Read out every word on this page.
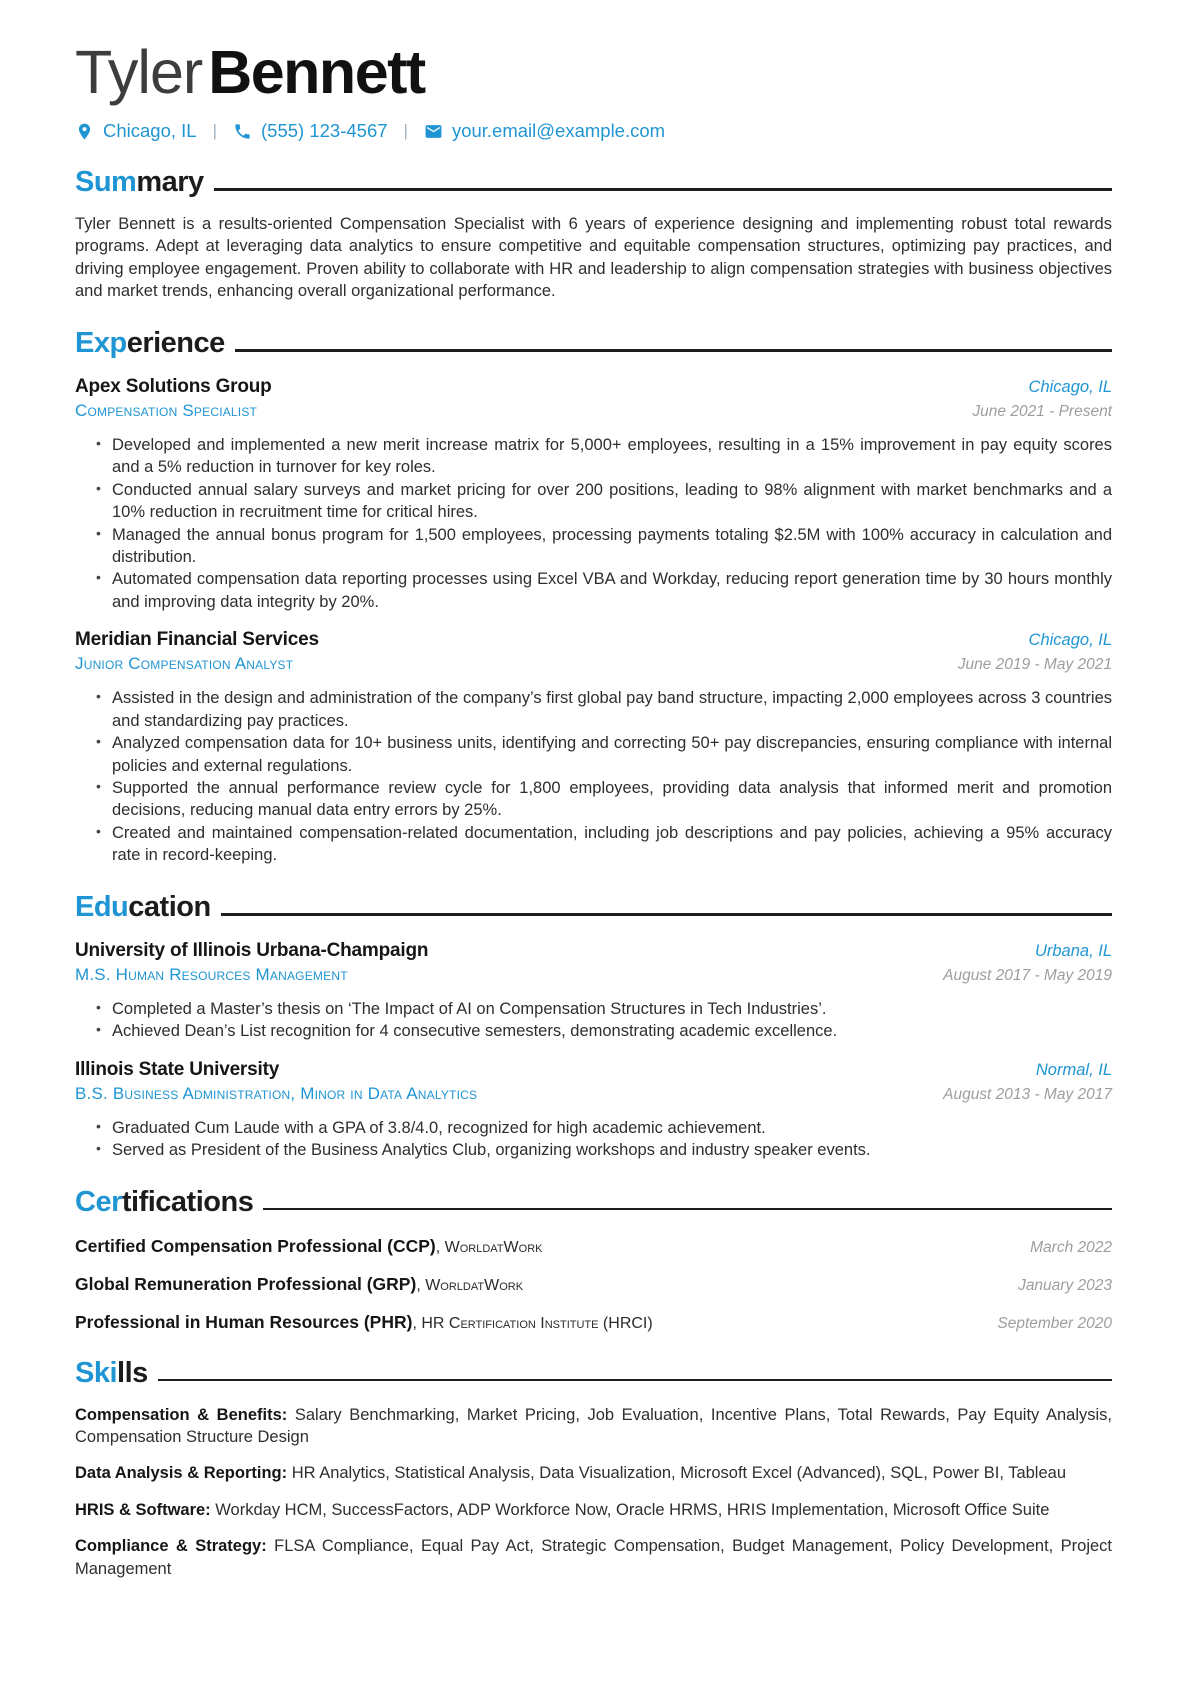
TylerBennett
Chicago, IL | (555) 123-4567 | your.email@example.com
Sum mary

Tyler Bennett is a results-oriented Compensation Specialist with 6 years of experience designing and implementing robust total rewards programs. Adept at leveraging data analytics to ensure competitive and equitable compensation structures, optimizing pay practices, and driving employee engagement. Proven ability to collaborate with HR and leadership to align compensation strategies with business objectives and market trends, enhancing overall organizational performance.

Exp erience
Apex Solutions Group	Chicago, IL
Compensation Specialist	June 2021 - Present
• Developed and implemented a new merit increase matrix for 5,000+ employees, resulting in a 15% improvement in pay equity scores and a 5% reduction in turnover for key roles.
• Conducted annual salary surveys and market pricing for over 200 positions, leading to 98% alignment with market benchmarks and a 10% reduction in recruitment time for critical hires.
• Managed the annual bonus program for 1,500 employees, processing payments totaling $2.5M with 100% accuracy in calculation and distribution.
• Automated compensation data reporting processes using Excel VBA and Workday, reducing report generation time by 30 hours monthly and improving data integrity by 20%.
Meridian Financial Services	Chicago, IL
Junior Compensation Analyst	June 2019 - May 2021
• Assisted in the design and administration of the company’s first global pay band structure, impacting 2,000 employees across 3 countries and standardizing pay practices.
• Analyzed compensation data for 10+ business units, identifying and correcting 50+ pay discrepancies, ensuring compliance with internal policies and external regulations.
• Supported the annual performance review cycle for 1,800 employees, providing data analysis that informed merit and promotion decisions, reducing manual data entry errors by 25%.
• Created and maintained compensation-related documentation, including job descriptions and pay policies, achieving a 95% accuracy rate in record-keeping.
Edu cation
University of Illinois Urbana-Champaign	Urbana, IL
M.S. Human Resources Management	August 2017 - May 2019
• Completed a Master’s thesis on ‘The Impact of AI on Compensation Structures in Tech Industries’.
• Achieved Dean’s List recognition for 4 consecutive semesters, demonstrating academic excellence.
Illinois State University	Normal, IL
B.S. Business Administration, Minor in Data Analytics	August 2013 - May 2017
• Graduated Cum Laude with a GPA of 3.8/4.0, recognized for high academic achievement.
• Served as President of the Business Analytics Club, organizing workshops and industry speaker events.
Cer tifications
Certified Compensation Professional (CCP), WorldatWork	March 2022
Global Remuneration Professional (GRP), WorldatWork	January 2023
Professional in Human Resources (PHR), HR Certification Institute (HRCI)	September 2020
Ski lls

Compensation & Benefits: Salary Benchmarking, Market Pricing, Job Evaluation, Incentive Plans, Total Rewards, Pay Equity Analysis, Compensation Structure Design

Data Analysis & Reporting: HR Analytics, Statistical Analysis, Data Visualization, Microsoft Excel (Advanced), SQL, Power BI, Tableau

HRIS & Software: Workday HCM, SuccessFactors, ADP Workforce Now, Oracle HRMS, HRIS Implementation, Microsoft Office Suite

Compliance & Strategy: FLSA Compliance, Equal Pay Act, Strategic Compensation, Budget Management, Policy Development, Project Management
